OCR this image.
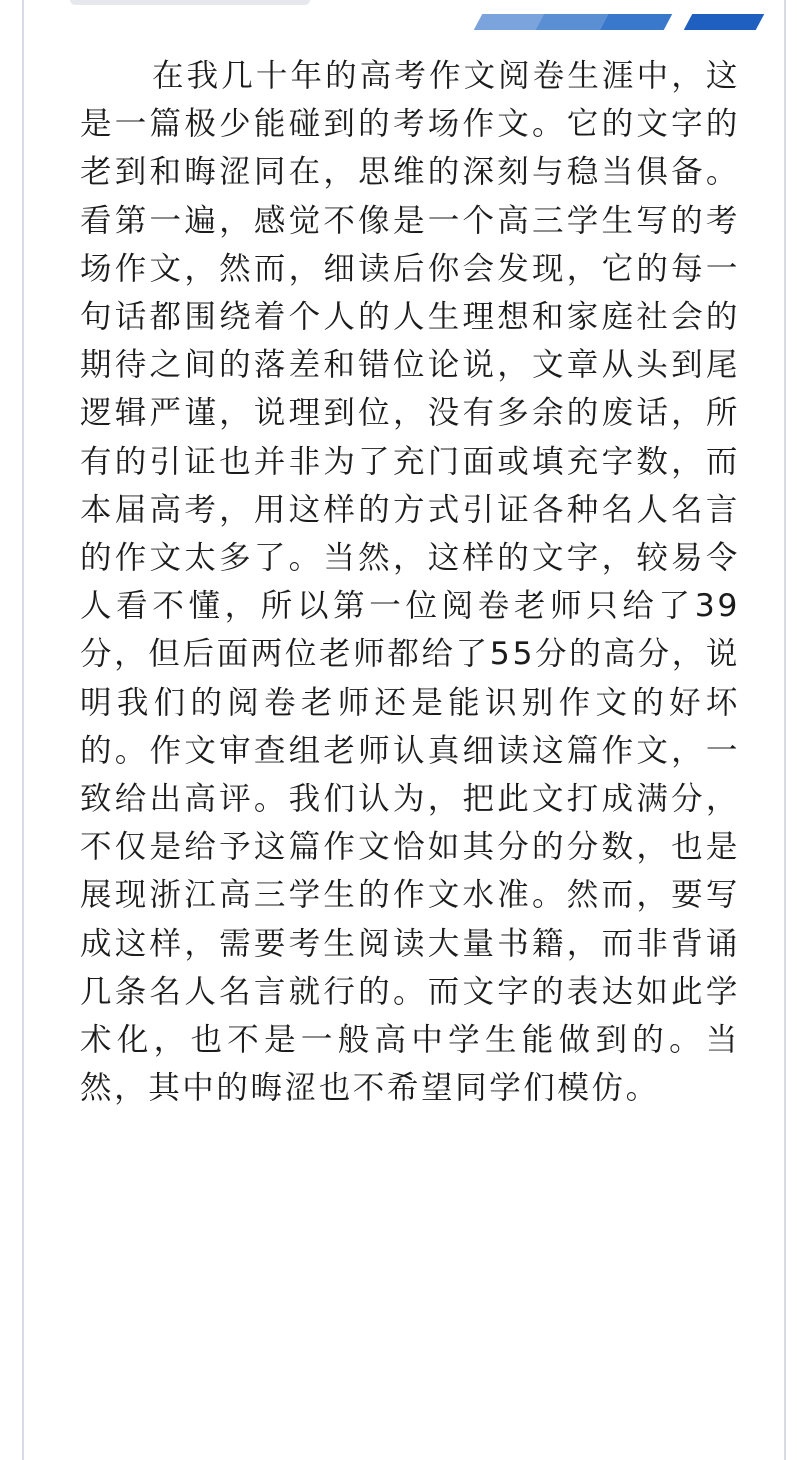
在我几十年的高考作文阅卷生涯中，这是一篇极少能碰到的考场作文。它的文字的老到和晦涩同在，思维的深刻与稳当俱备。看第一遍，感觉不像是一个高三学生写的考场作文，然而，细读后你会发现，它的每一句话都围绕着个人的人生理想和家庭社会的期待之间的落差和错位论说，文章从头到尾逻辑严谨，说理到位，没有多余的废话，所有的引证也并非为了充门面或填充字数，而本届高考，用这样的方式引证各种名人名言的作文太多了。当然，这样的文字，较易令人看不懂，所以第一位阅卷老师只给了39分，但后面两位老师都给了55分的高分，说明我们的阅卷老师还是能识别作文的好坏的。作文审查组老师认真细读这篇作文，一致给出高评。我们认为，把此文打成满分，不仅是给予这篇作文恰如其分的分数，也是展现浙江高三学生的作文水准。然而，要写成这样，需要考生阅读大量书籍，而非背诵几条名人名言就行的。而文字的表达如此学术化，也不是一般高中学生能做到的。当然，其中的晦涩也不希望同学们模仿。
